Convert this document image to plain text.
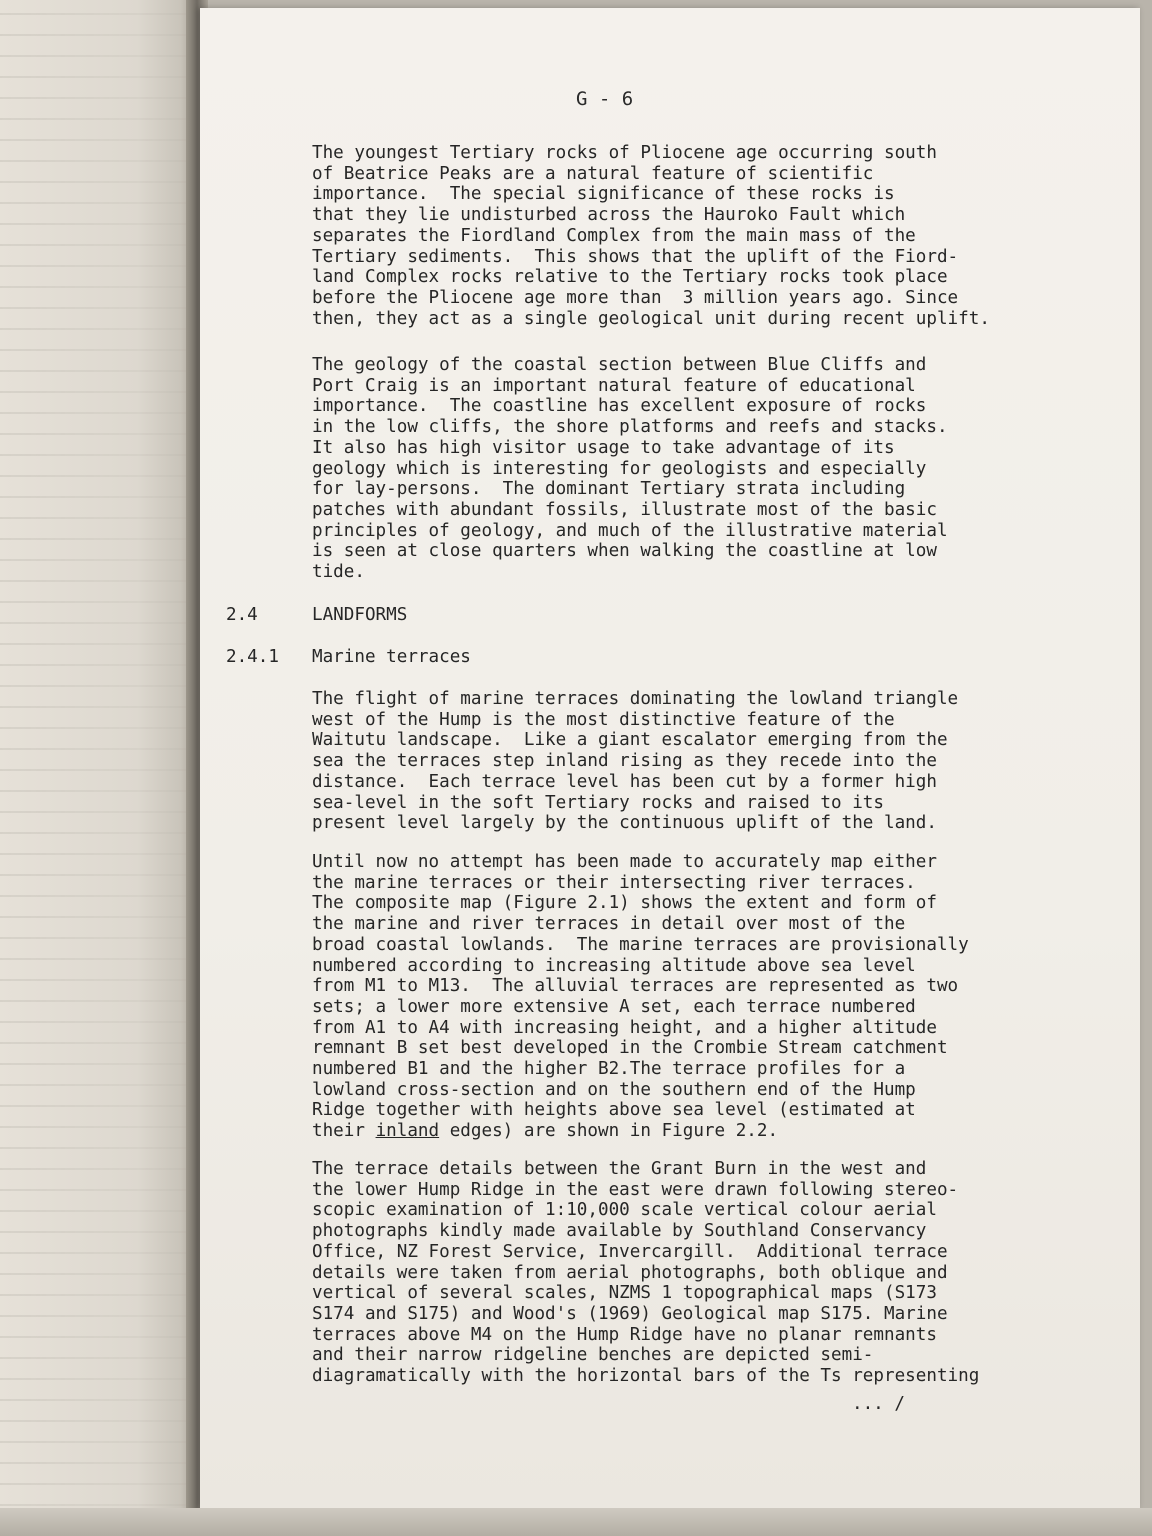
G - 6
The youngest Tertiary rocks of Pliocene age occurring south
of Beatrice Peaks are a natural feature of scientific
importance.  The special significance of these rocks is
that they lie undisturbed across the Hauroko Fault which
separates the Fiordland Complex from the main mass of the
Tertiary sediments.  This shows that the uplift of the Fiord-
land Complex rocks relative to the Tertiary rocks took place
before the Pliocene age more than  3 million years ago. Since
then, they act as a single geological unit during recent uplift.
The geology of the coastal section between Blue Cliffs and
Port Craig is an important natural feature of educational
importance.  The coastline has excellent exposure of rocks
in the low cliffs, the shore platforms and reefs and stacks.
It also has high visitor usage to take advantage of its
geology which is interesting for geologists and especially
for lay-persons.  The dominant Tertiary strata including
patches with abundant fossils, illustrate most of the basic
principles of geology, and much of the illustrative material
is seen at close quarters when walking the coastline at low
tide.
2.4	LANDFORMS
2.4.1 Marine terraces
The flight of marine terraces dominating the lowland triangle
west of the Hump is the most distinctive feature of the
Waitutu landscape.  Like a giant escalator emerging from the
sea the terraces step inland rising as they recede into the
distance.  Each terrace level has been cut by a former high
sea-level in the soft Tertiary rocks and raised to its
present level largely by the continuous uplift of the land.
Until now no attempt has been made to accurately map either
the marine terraces or their intersecting river terraces.
The composite map (Figure 2.1) shows the extent and form of
the marine and river terraces in detail over most of the
broad coastal lowlands.  The marine terraces are provisionally
numbered according to increasing altitude above sea level
from M1 to M13.  The alluvial terraces are represented as two
sets; a lower more extensive A set, each terrace numbered
from A1 to A4 with increasing height, and a higher altitude
remnant B set best developed in the Crombie Stream catchment
numbered B1 and the higher B2.The terrace profiles for a
lowland cross-section and on the southern end of the Hump
Ridge together with heights above sea level (estimated at
their inland edges) are shown in Figure 2.2.
The terrace details between the Grant Burn in the west and
the lower Hump Ridge in the east were drawn following stereo-
scopic examination of 1:10,000 scale vertical colour aerial
photographs kindly made available by Southland Conservancy
Office, NZ Forest Service, Invercargill.  Additional terrace
details were taken from aerial photographs, both oblique and
vertical of several scales, NZMS 1 topographical maps (S173
S174 and S175) and Wood's (1969) Geological map S175. Marine
terraces above M4 on the Hump Ridge have no planar remnants
and their narrow ridgeline benches are depicted semi-
diagramatically with the horizontal bars of the Ts representing
... /
